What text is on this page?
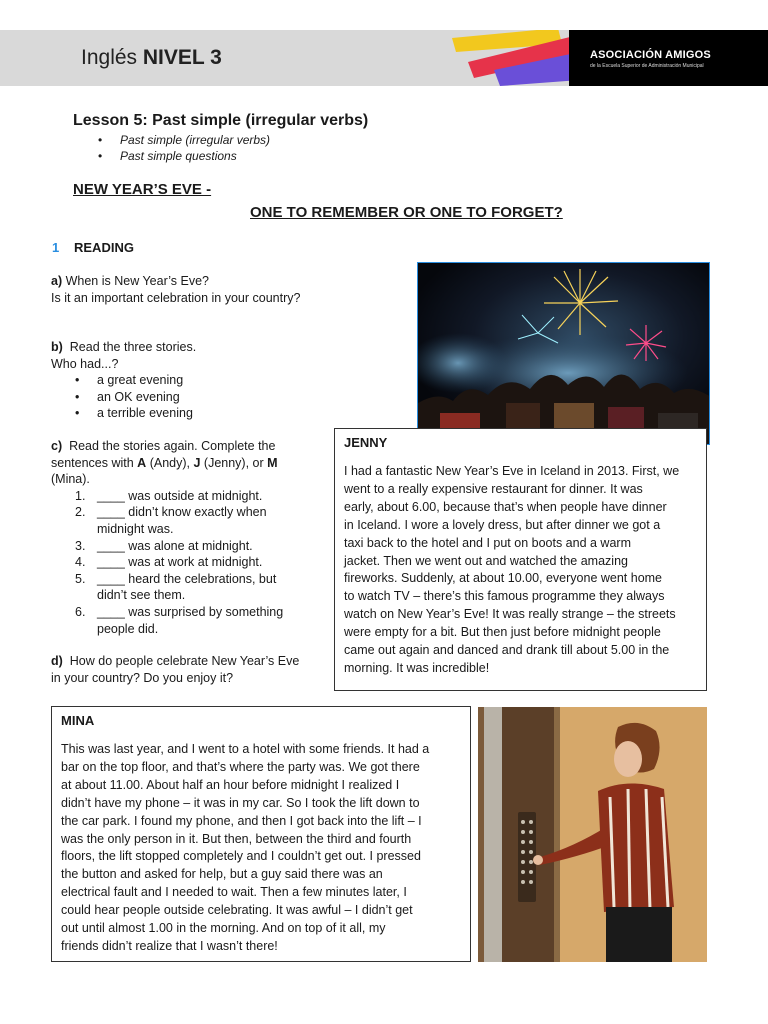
Inglés NIVEL 3	ASOCIACIÓN AMIGOS
de la Escuela Superior de Administración Municipal
Lesson 5: Past simple (irregular verbs)
• Past simple (irregular verbs)
• Past simple questions
NEW YEAR’S EVE -
ONE TO REMEMBER OR ONE TO FORGET?
1 READING
a) When is New Year’s Eve?
Is it an important celebration in your country?
b) Read the three stories.
Who had...?
• a great evening
• an OK evening
• a terrible evening
c) Read the stories again. Complete the sentences with A (Andy), J (Jenny), or M (Mina).
1. ____ was outside at midnight.
2. ____ didn’t know exactly when midnight was.
3. ____ was alone at midnight.
4. ____ was at work at midnight.
5. ____ heard the celebrations, but didn’t see them.
6. ____ was surprised by something people did.
d) How do people celebrate New Year’s Eve in your country? Do you enjoy it?
JENNY
I had a fantastic New Year’s Eve in Iceland in 2013. First, we
went to a really expensive restaurant for dinner. It was
early, about 6.00, because that’s when people have dinner
in Iceland. I wore a lovely dress, but after dinner we got a
taxi back to the hotel and I put on boots and a warm
jacket. Then we went out and watched the amazing
fireworks. Suddenly, at about 10.00, everyone went home
to watch TV – there’s this famous programme they always
watch on New Year’s Eve! It was really strange – the streets
were empty for a bit. But then just before midnight people
came out again and danced and drank till about 5.00 in the
morning. It was incredible!
MINA
This was last year, and I went to a hotel with some friends. It had a
bar on the top floor, and that’s where the party was. We got there
at about 11.00. About half an hour before midnight I realized I
didn’t have my phone – it was in my car. So I took the lift down to
the car park. I found my phone, and then I got back into the lift – I
was the only person in it. But then, between the third and fourth
floors, the lift stopped completely and I couldn’t get out. I pressed
the button and asked for help, but a guy said there was an
electrical fault and I needed to wait. Then a few minutes later, I
could hear people outside celebrating. It was awful – I didn’t get
out until almost 1.00 in the morning. And on top of it all, my
friends didn’t realize that I wasn’t there!
